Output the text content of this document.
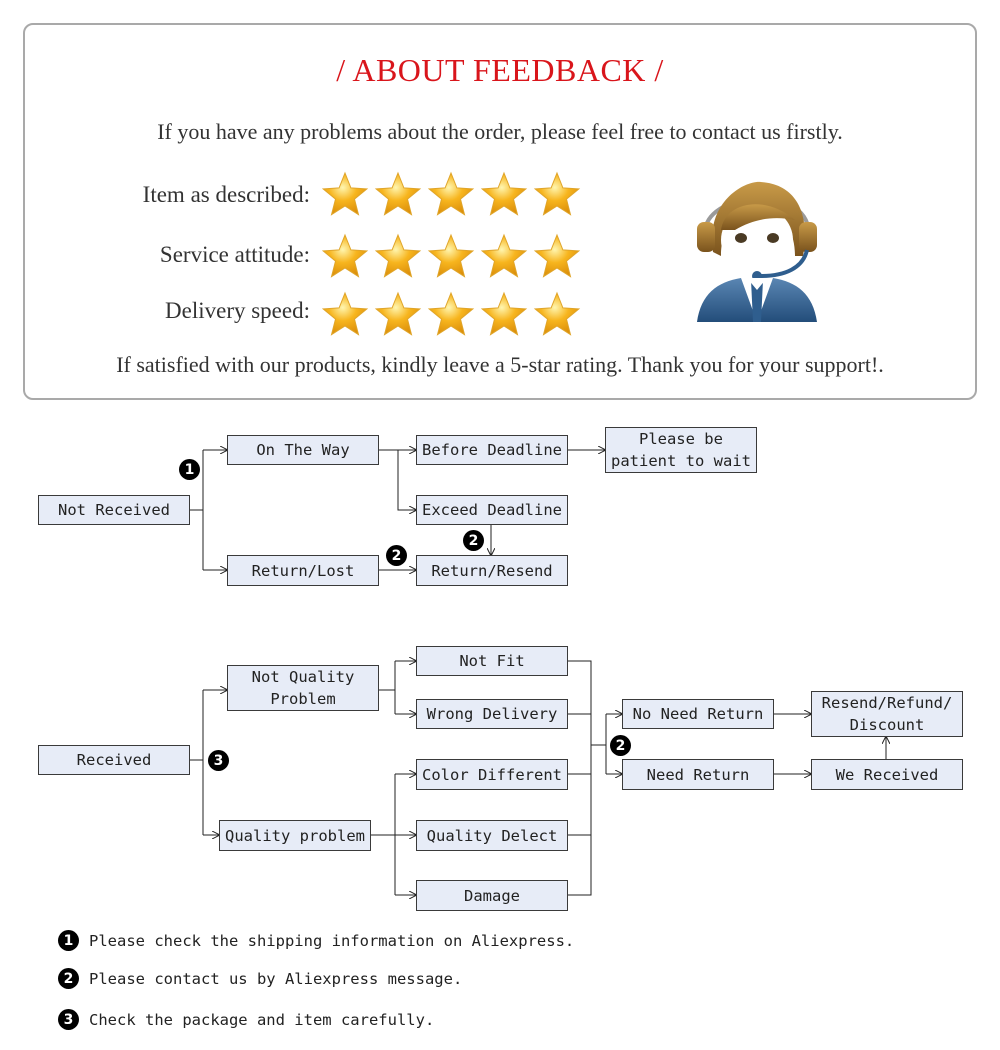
/ ABOUT FEEDBACK /
If you have any problems about the order, please feel free to contact us firstly.
Item as described:
Service attitude:
Delivery speed:
If satisfied with our products, kindly leave a 5-star rating. Thank you for your support!.
Not Received
On The Way
Return/Lost
Before Deadline
Exceed Deadline
Return/Resend
Please be
patient to wait
1
2
2
Received
Not Quality
Problem
Quality problem
Not Fit
Wrong Delivery
Color Different
Quality Delect
Damage
No Need Return
Need Return
Resend/Refund/
Discount
We Received
3
2
1	Please check the shipping information on Aliexpress.
2	Please contact us by Aliexpress message.
3	Check the package and item carefully.
